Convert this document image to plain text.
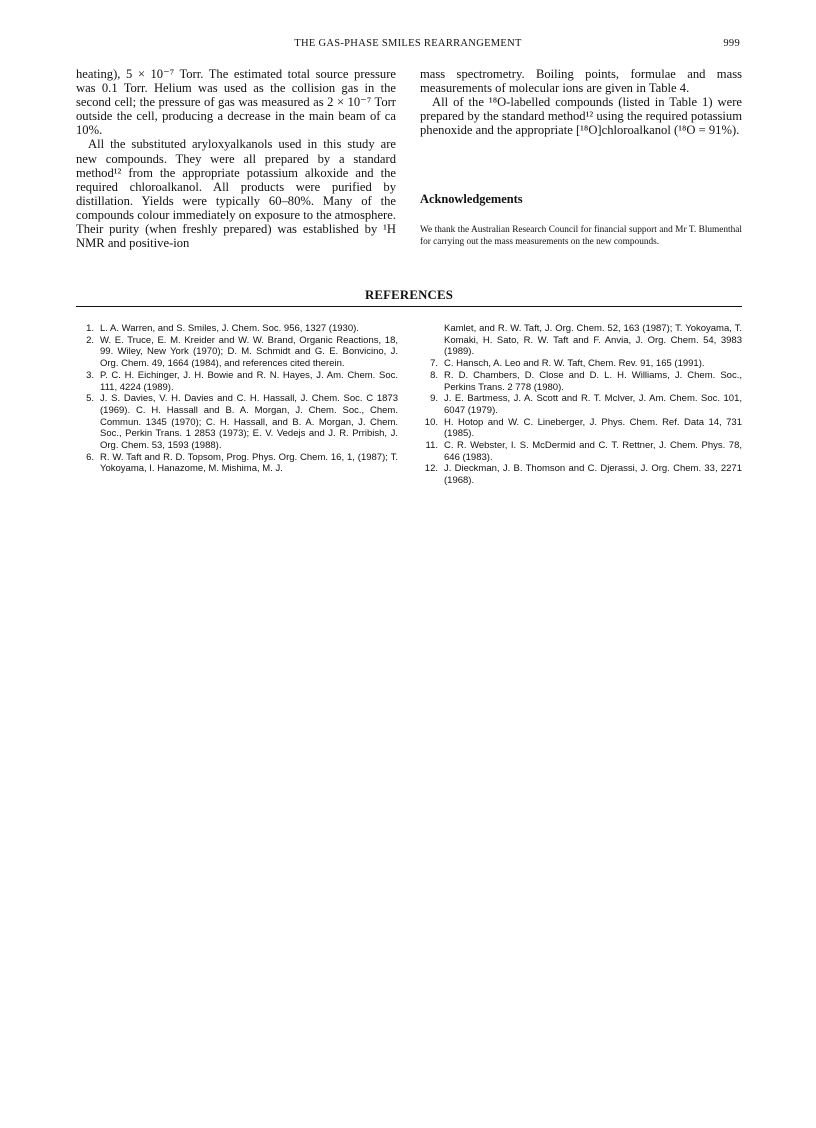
THE GAS-PHASE SMILES REARRANGEMENT	999

heating), 5 × 10⁻⁷ Torr. The estimated total source pressure was 0.1 Torr. Helium was used as the collision gas in the second cell; the pressure of gas was measured as 2 × 10⁻⁷ Torr outside the cell, producing a decrease in the main beam of ca 10%.

All the substituted aryloxyalkanols used in this study are new compounds. They were all prepared by a standard method¹² from the appropriate potassium alkoxide and the required chloroalkanol. All products were purified by distillation. Yields were typically 60–80%. Many of the compounds colour immediately on exposure to the atmosphere. Their purity (when freshly prepared) was established by ¹H NMR and positive-ion

mass spectrometry. Boiling points, formulae and mass measurements of molecular ions are given in Table 4.

All of the ¹⁸O-labelled compounds (listed in Table 1) were prepared by the standard method¹² using the required potassium phenoxide and the appropriate [¹⁸O]chloroalkanol (¹⁸O = 91%).

Acknowledgements

We thank the Australian Research Council for financial support and Mr T. Blumenthal for carrying out the mass measurements on the new compounds.

REFERENCES
1. L. A. Warren, and S. Smiles, J. Chem. Soc. 956, 1327 (1930).
2. W. E. Truce, E. M. Kreider and W. W. Brand, Organic Reactions, 18, 99. Wiley, New York (1970); D. M. Schmidt and G. E. Bonvicino, J. Org. Chem. 49, 1664 (1984), and references cited therein.
3. P. C. H. Eichinger, J. H. Bowie and R. N. Hayes, J. Am. Chem. Soc. 111, 4224 (1989).
5. J. S. Davies, V. H. Davies and C. H. Hassall, J. Chem. Soc. C 1873 (1969). C. H. Hassall and B. A. Morgan, J. Chem. Soc., Chem. Commun. 1345 (1970); C. H. Hassall, and B. A. Morgan, J. Chem. Soc., Perkin Trans. 1 2853 (1973); E. V. Vedejs and J. R. Prribish, J. Org. Chem. 53, 1593 (1988).
6. R. W. Taft and R. D. Topsom, Prog. Phys. Org. Chem. 16, 1, (1987); T. Yokoyama, I. Hanazome, M. Mishima, M. J.
Kamlet, and R. W. Taft, J. Org. Chem. 52, 163 (1987); T. Yokoyama, T. Komaki, H. Sato, R. W. Taft and F. Anvia, J. Org. Chem. 54, 3983 (1989).
7. C. Hansch, A. Leo and R. W. Taft, Chem. Rev. 91, 165 (1991).
8. R. D. Chambers, D. Close and D. L. H. Williams, J. Chem. Soc., Perkins Trans. 2 778 (1980).
9. J. E. Bartmess, J. A. Scott and R. T. McIver, J. Am. Chem. Soc. 101, 6047 (1979).
10. H. Hotop and W. C. Lineberger, J. Phys. Chem. Ref. Data 14, 731 (1985).
11. C. R. Webster, I. S. McDermid and C. T. Rettner, J. Chem. Phys. 78, 646 (1983).
12. J. Dieckman, J. B. Thomson and C. Djerassi, J. Org. Chem. 33, 2271 (1968).
